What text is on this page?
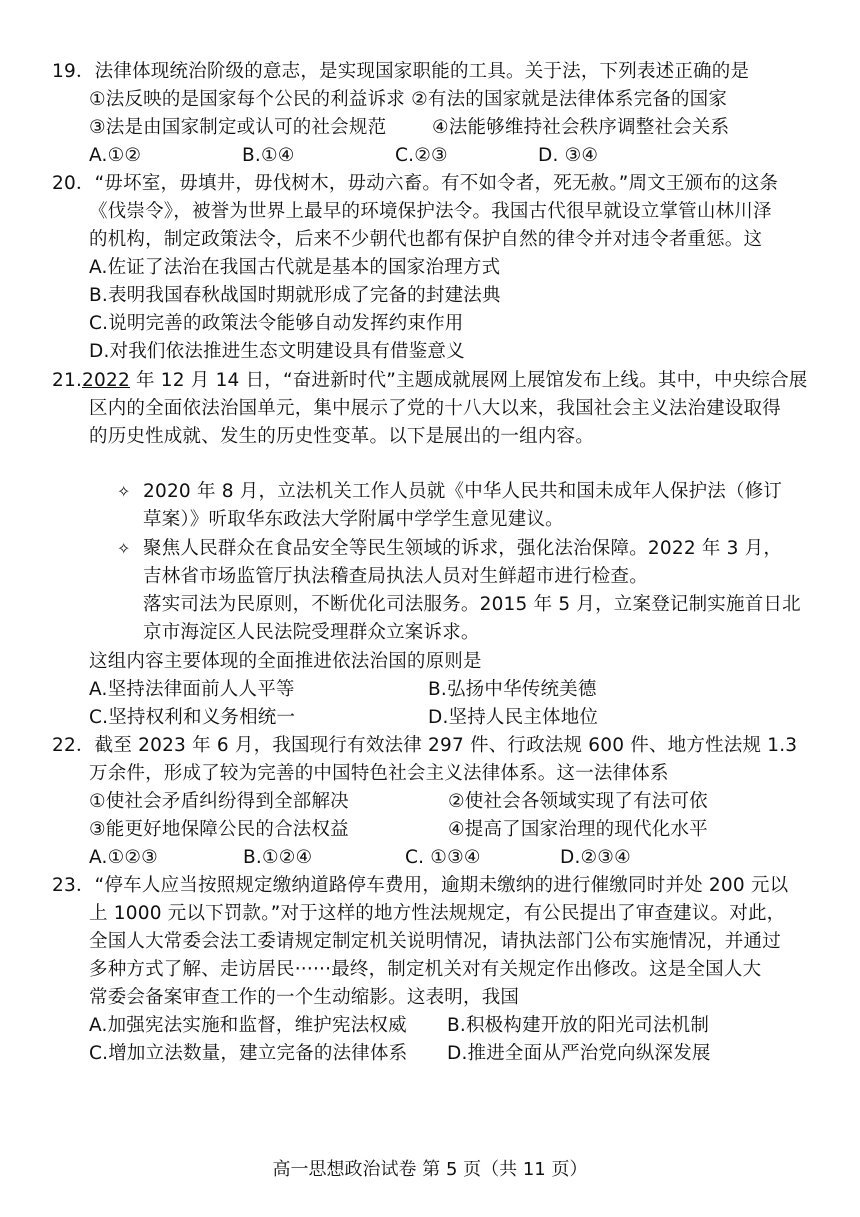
19．法律体现统治阶级的意志，是实现国家职能的工具。关于法，下列表述正确的是
①法反映的是国家每个公民的利益诉求 ②有法的国家就是法律体系完备的国家
③法是由国家制定或认可的社会规范 ④法能够维持社会秩序调整社会关系
A.①②	B.①④	C.②③	D. ③④
20．“毋坏室，毋填井，毋伐树木，毋动六畜。有不如令者，死无赦。”周文王颁布的这条
《伐崇令》，被誉为世界上最早的环境保护法令。我国古代很早就设立掌管山林川泽
的机构，制定政策法令，后来不少朝代也都有保护自然的律令并对违令者重惩。这
A.佐证了法治在我国古代就是基本的国家治理方式
B.表明我国春秋战国时期就形成了完备的封建法典
C.说明完善的政策法令能够自动发挥约束作用
D.对我们依法推进生态文明建设具有借鉴意义
21.2022 年 12 月 14 日，“奋进新时代”主题成就展网上展馆发布上线。其中，中央综合展
区内的全面依法治国单元，集中展示了党的十八大以来，我国社会主义法治建设取得
的历史性成就、发生的历史性变革。以下是展出的一组内容。
✧ 2020 年 8 月，立法机关工作人员就《中华人民共和国未成年人保护法（修订
草案）》听取华东政法大学附属中学学生意见建议。
✧ 聚焦人民群众在食品安全等民生领域的诉求，强化法治保障。2022 年 3 月，
吉林省市场监管厅执法稽查局执法人员对生鲜超市进行检查。
落实司法为民原则，不断优化司法服务。2015 年 5 月，立案登记制实施首日北
京市海淀区人民法院受理群众立案诉求。
这组内容主要体现的全面推进依法治国的原则是
A.坚持法律面前人人平等	B.弘扬中华传统美德
C.坚持权利和义务相统一	D.坚持人民主体地位
22．截至 2023 年 6 月，我国现行有效法律 297 件、行政法规 600 件、地方性法规 1.3
万余件，形成了较为完善的中国特色社会主义法律体系。这一法律体系
①使社会矛盾纠纷得到全部解决	②使社会各领域实现了有法可依
③能更好地保障公民的合法权益	④提高了国家治理的现代化水平
A.①②③	B.①②④	C. ①③④	D.②③④
23．“停车人应当按照规定缴纳道路停车费用，逾期未缴纳的进行催缴同时并处 200 元以
上 1000 元以下罚款。”对于这样的地方性法规规定，有公民提出了审查建议。对此，
全国人大常委会法工委请规定制定机关说明情况，请执法部门公布实施情况，并通过
多种方式了解、走访居民······最终，制定机关对有关规定作出修改。这是全国人大
常委会备案审查工作的一个生动缩影。这表明，我国
A.加强宪法实施和监督，维护宪法权威 B.积极构建开放的阳光司法机制
C.增加立法数量，建立完备的法律体系 D.推进全面从严治党向纵深发展
高一思想政治试卷 第 5 页（共 11 页）
